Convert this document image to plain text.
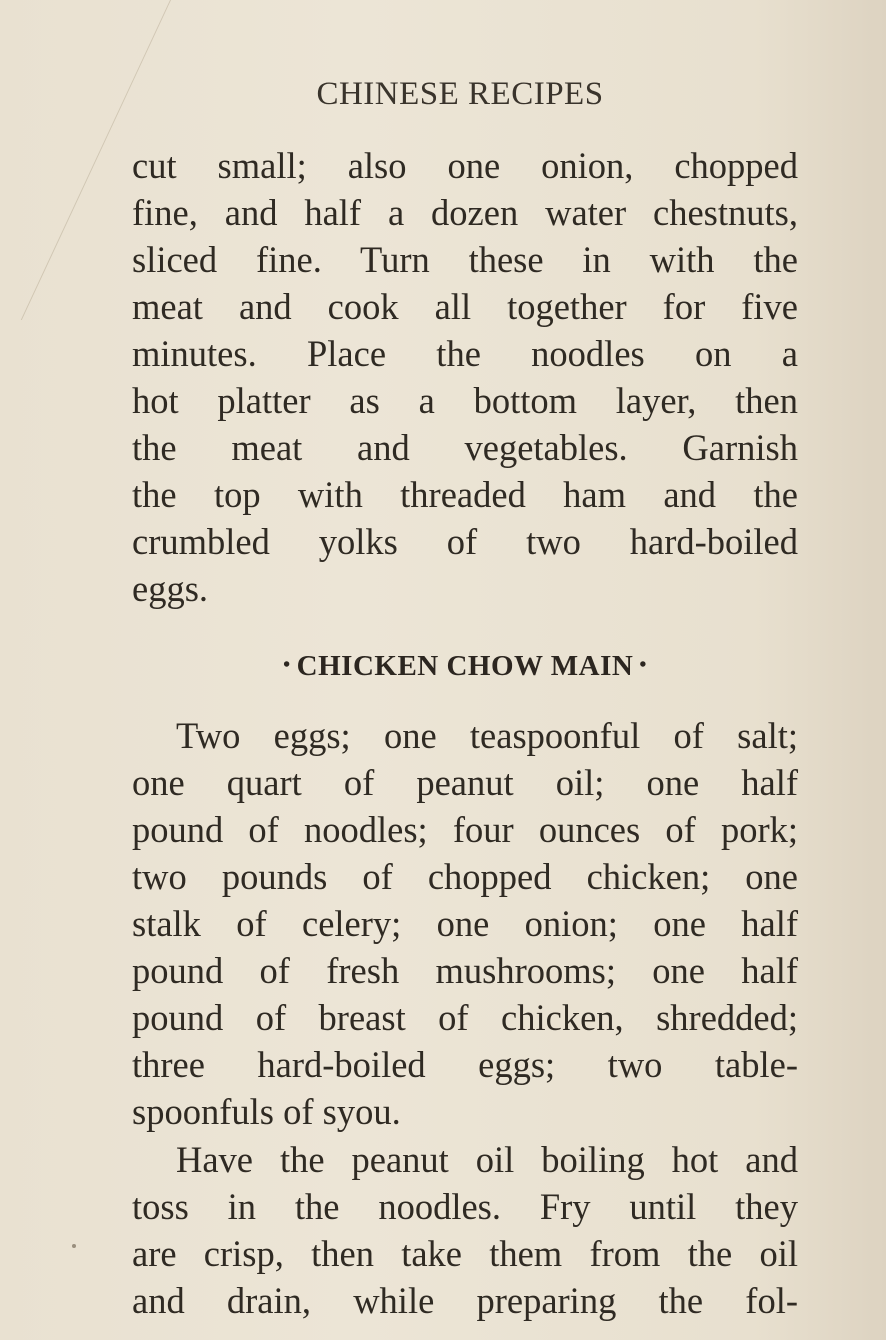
CHINESE RECIPES
cut small; also one onion, chopped
fine, and half a dozen water chestnuts,
sliced fine. Turn these in with the
meat and cook all together for five
minutes. Place the noodles on a
hot platter as a bottom layer, then
the meat and vegetables. Garnish
the top with threaded ham and the
crumbled yolks of two hard-boiled
eggs.
• CHICKEN CHOW MAIN •
Two eggs; one teaspoonful of salt;
one quart of peanut oil; one half
pound of noodles; four ounces of pork;
two pounds of chopped chicken; one
stalk of celery; one onion; one half
pound of fresh mushrooms; one half
pound of breast of chicken, shredded;
three hard-boiled eggs; two table-
spoonfuls of syou.
Have the peanut oil boiling hot and
toss in the noodles. Fry until they
are crisp, then take them from the oil
and drain, while preparing the fol-
